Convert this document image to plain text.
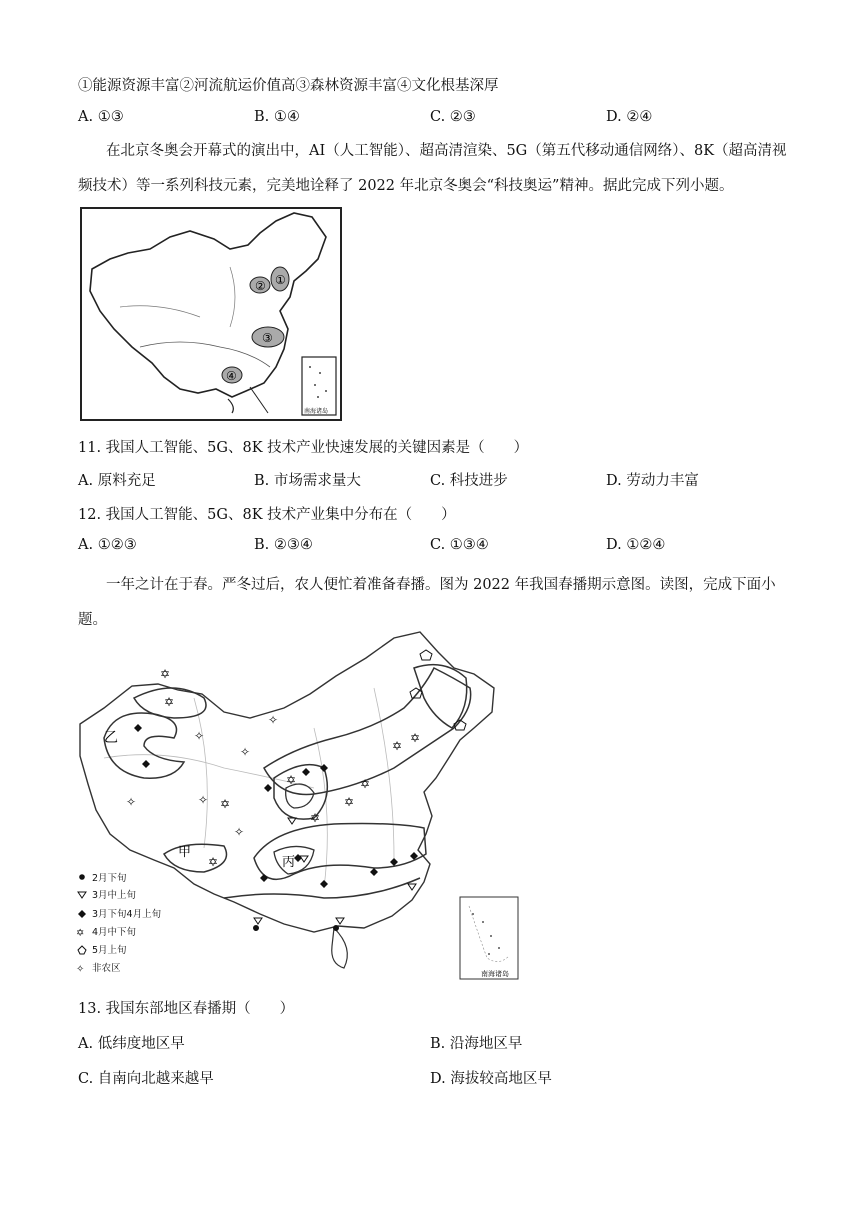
①能源资源丰富②河流航运价值高③森林资源丰富④文化根基深厚
A. ①③	B. ①④	C. ②③	D. ②④
在北京冬奥会开幕式的演出中，AI（人工智能）、超高清渲染、5G（第五代移动通信网络）、8K（超高清视频技术）等一系列科技元素，完美地诠释了 2022 年北京冬奥会“科技奥运”精神。据此完成下列小题。
② ①
③
④
南海诸岛
11. 我国人工智能、5G、8K 技术产业快速发展的关键因素是（　　）
A. 原料充足	B. 市场需求量大	C. 科技进步	D. 劳动力丰富
12. 我国人工智能、5G、8K 技术产业集中分布在（　　）
A. ①②③	B. ②③④	C. ①③④	D. ①②④
一年之计在于春。严冬过后，农人便忙着准备春播。图为 2022 年我国春播期示意图。读图，完成下面小题。
✡
✡
✡
✡
✡
✡
✡
✡
✡
✡
✧
✧
✧
✧
✧
✧
乙
甲
丙
2月下旬
3月中上旬
3月下旬4月上旬
✡ 4月中下旬
5月上旬
✧ 非农区	南海诸岛
13. 我国东部地区春播期（　　）
A. 低纬度地区早	B. 沿海地区早
C. 自南向北越来越早	D. 海拔较高地区早
